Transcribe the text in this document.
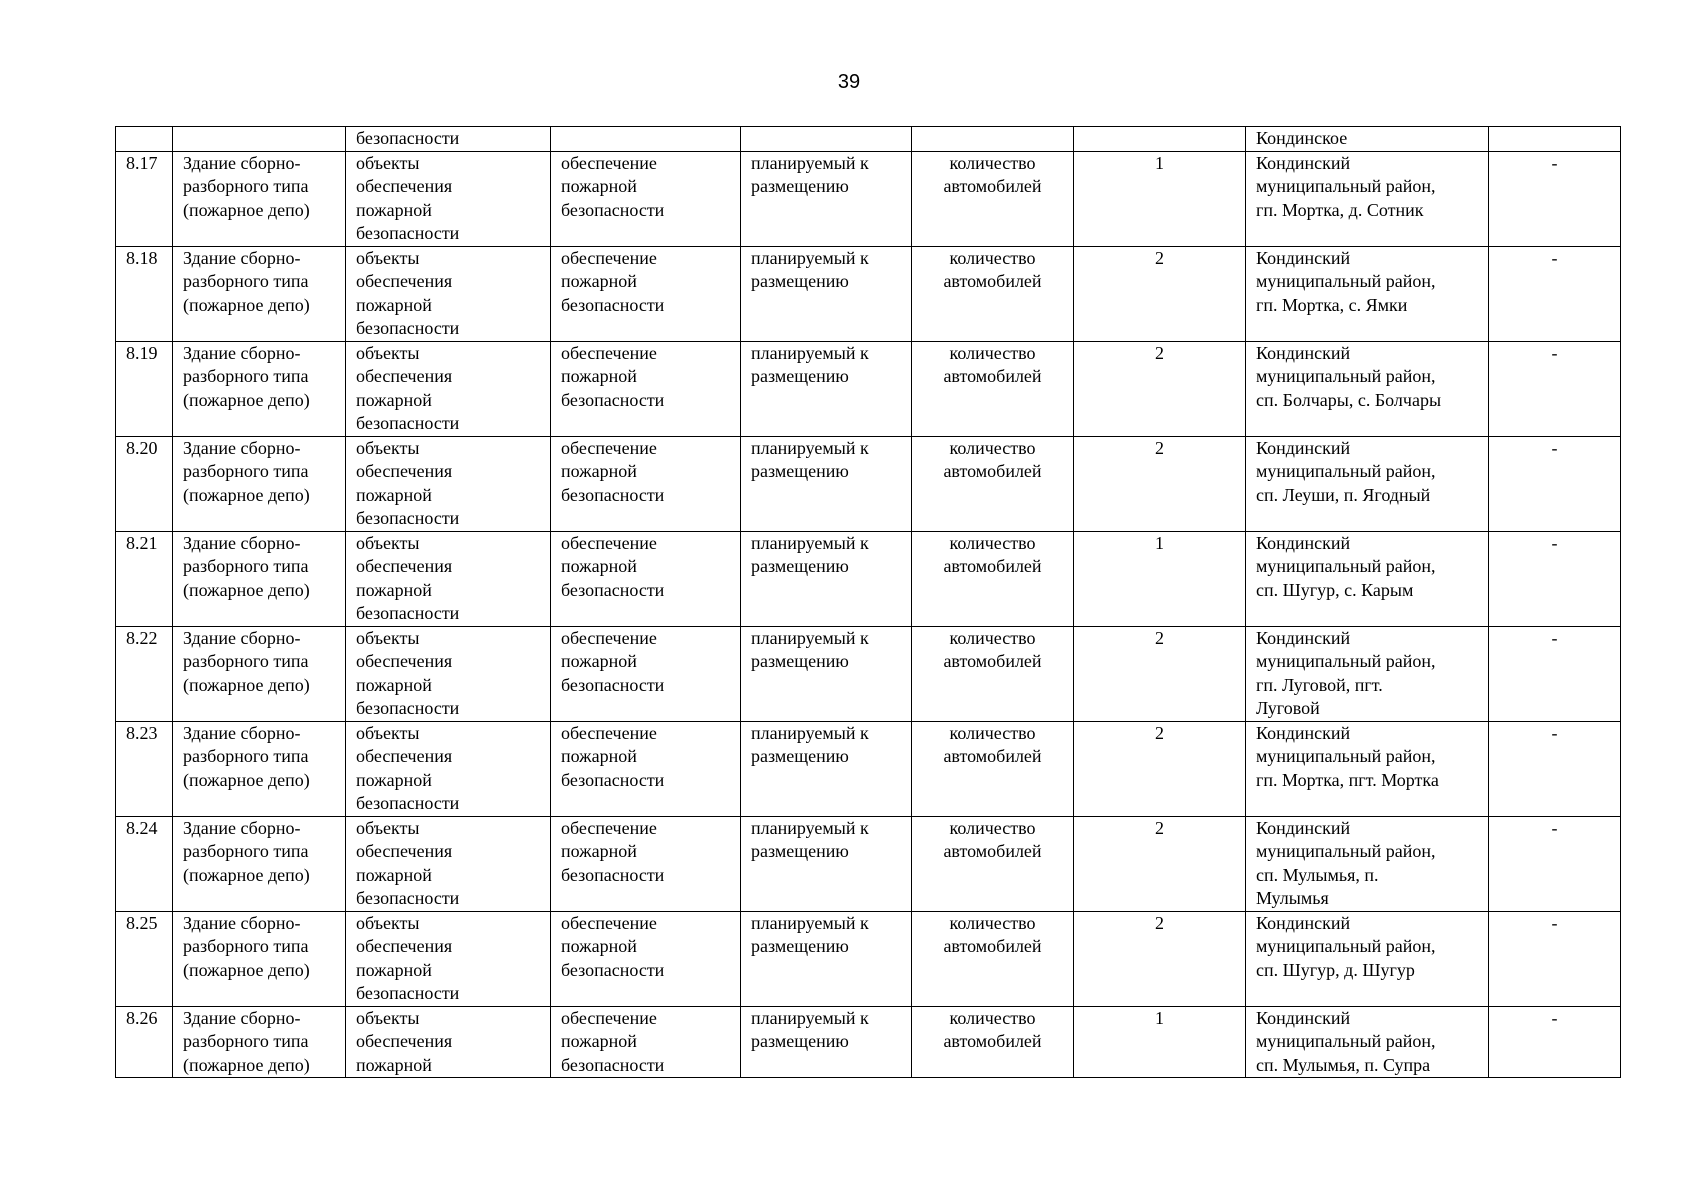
39

		безопасности					Кондинское	

8.17	Здание сборно-
разборного типа
(пожарное депо)	объекты
обеспечения
пожарной
безопасности	обеспечение
пожарной
безопасности	планируемый к
размещению	количество
автомобилей	1	Кондинский
муниципальный район,
гп. Мортка, д. Сотник	-

8.18	Здание сборно-
разборного типа
(пожарное депо)	объекты
обеспечения
пожарной
безопасности	обеспечение
пожарной
безопасности	планируемый к
размещению	количество
автомобилей	2	Кондинский
муниципальный район,
гп. Мортка, с. Ямки	-

8.19	Здание сборно-
разборного типа
(пожарное депо)	объекты
обеспечения
пожарной
безопасности	обеспечение
пожарной
безопасности	планируемый к
размещению	количество
автомобилей	2	Кондинский
муниципальный район,
сп. Болчары, с. Болчары	-

8.20	Здание сборно-
разборного типа
(пожарное депо)	объекты
обеспечения
пожарной
безопасности	обеспечение
пожарной
безопасности	планируемый к
размещению	количество
автомобилей	2	Кондинский
муниципальный район,
сп. Леуши, п. Ягодный	-

8.21	Здание сборно-
разборного типа
(пожарное депо)	объекты
обеспечения
пожарной
безопасности	обеспечение
пожарной
безопасности	планируемый к
размещению	количество
автомобилей	1	Кондинский
муниципальный район,
сп. Шугур, с. Карым	-

8.22	Здание сборно-
разборного типа
(пожарное депо)	объекты
обеспечения
пожарной
безопасности	обеспечение
пожарной
безопасности	планируемый к
размещению	количество
автомобилей	2	Кондинский
муниципальный район,
гп. Луговой, пгт.
Луговой	-

8.23	Здание сборно-
разборного типа
(пожарное депо)	объекты
обеспечения
пожарной
безопасности	обеспечение
пожарной
безопасности	планируемый к
размещению	количество
автомобилей	2	Кондинский
муниципальный район,
гп. Мортка, пгт. Мортка	-

8.24	Здание сборно-
разборного типа
(пожарное депо)	объекты
обеспечения
пожарной
безопасности	обеспечение
пожарной
безопасности	планируемый к
размещению	количество
автомобилей	2	Кондинский
муниципальный район,
сп. Мулымья, п.
Мулымья	-

8.25	Здание сборно-
разборного типа
(пожарное депо)	объекты
обеспечения
пожарной
безопасности	обеспечение
пожарной
безопасности	планируемый к
размещению	количество
автомобилей	2	Кондинский
муниципальный район,
сп. Шугур, д. Шугур	-

8.26	Здание сборно-
разборного типа
(пожарное депо)	объекты
обеспечения
пожарной	обеспечение
пожарной
безопасности	планируемый к
размещению	количество
автомобилей	1	Кондинский
муниципальный район,
сп. Мулымья, п. Супра	-
